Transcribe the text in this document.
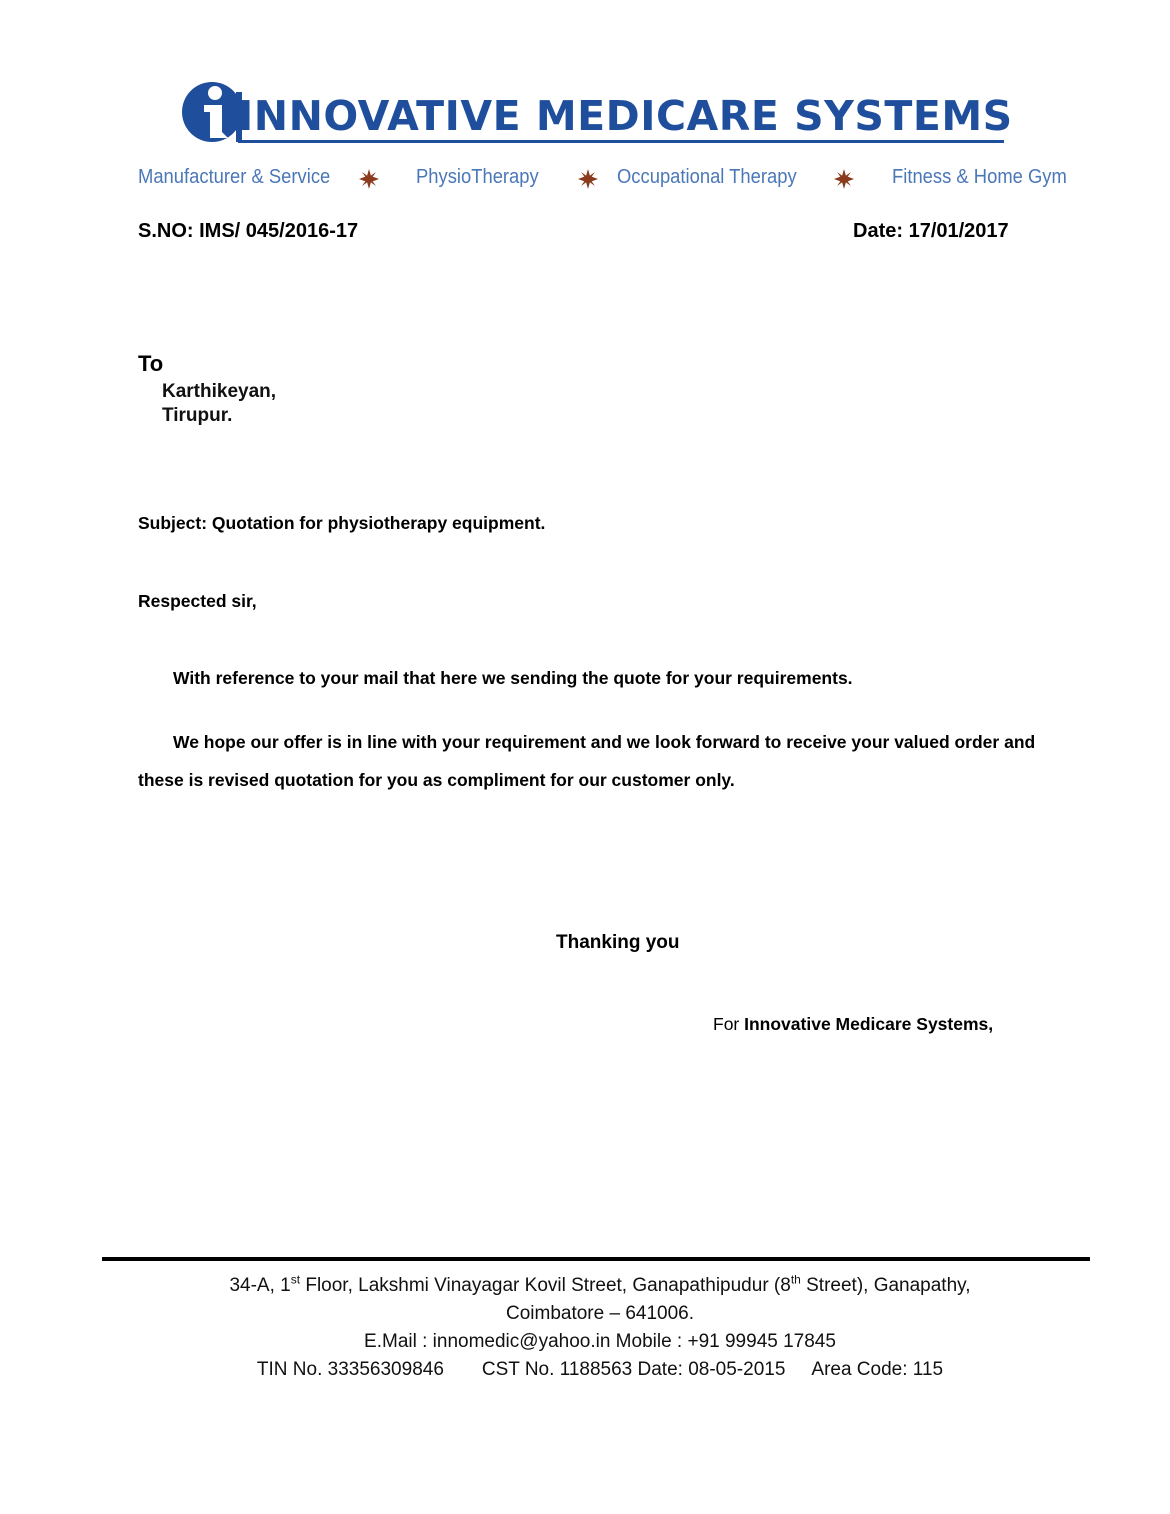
INNOVATIVE MEDICARE SYSTEMS
Manufacturer & Service	PhysioTherapy	Occupational Therapy	Fitness & Home Gym
S.NO: IMS/ 045/2016-17	Date: 17/01/2017
To
Karthikeyan,
Tirupur.
Subject: Quotation for physiotherapy equipment.
Respected sir,
With reference to your mail that here we sending the quote for your requirements.
We hope our offer is in line with your requirement and we look forward to receive your valued order and
these is revised quotation for you as compliment for our customer only.
Thanking you
For Innovative Medicare Systems,
34-A, 1st Floor, Lakshmi Vinayagar Kovil Street, Ganapathipudur (8th Street), Ganapathy,
Coimbatore – 641006.
E.Mail : innomedic@yahoo.in Mobile : +91 99945 17845
TIN No. 33356309846 CST No. 1188563 Date: 08-05-2015 Area Code: 115
